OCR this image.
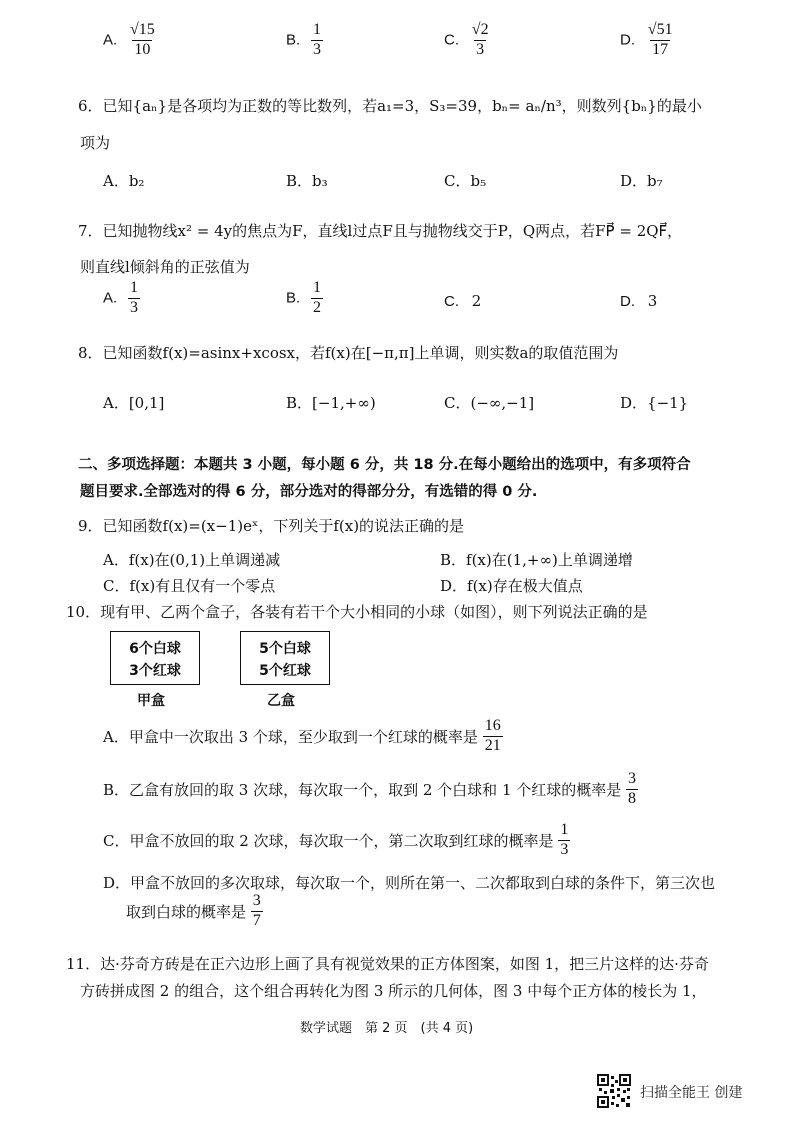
A. $\frac{√15}{10}$	B. $\frac{1}{3}$	C. $\frac{√2}{3}$	D. $\frac{√51}{17}$
6．已知{aₙ}是各项均为正数的等比数列，若a₁=3，S₃=39，bₙ= aₙ/n³，则数列{bₙ}的最小
项为
A．b₂	B．b₃	C．b₅	D．b₇
7．已知抛物线x² = 4y的焦点为F，直线l过点F且与抛物线交于P，Q两点，若FP⃗ = 2QF⃗，
则直线l倾斜角的正弦值为
A. $\frac{1}{3}$	B. $\frac{1}{2}$	C. 2	D. 3
8．已知函数f(x)=asinx+xcosx，若f(x)在[−π,π]上单调，则实数a的取值范围为
A．[0,1]	B．[−1,+∞)	C．(−∞,−1]	D．{−1}
二、多项选择题：本题共 3 小题，每小题 6 分，共 18 分.在每小题给出的选项中，有多项符合
题目要求.全部选对的得 6 分，部分选对的得部分分，有选错的得 0 分.
9．已知函数f(x)=(x−1)eˣ，下列关于f(x)的说法正确的是
A．f(x)在(0,1)上单调递减	B．f(x)在(1,+∞)上单调递增
C．f(x)有且仅有一个零点	D．f(x)存在极大值点
10．现有甲、乙两个盒子，各装有若干个大小相同的小球（如图），则下列说法正确的是
6个白球
3个红球
甲盒
5个白球
5个红球
乙盒
A．甲盒中一次取出 3 个球，至少取到一个红球的概率是 $\frac{16}{21}$
B．乙盒有放回的取 3 次球，每次取一个，取到 2 个白球和 1 个红球的概率是 $\frac{3}{8}$
C．甲盒不放回的取 2 次球，每次取一个，第二次取到红球的概率是 $\frac{1}{3}$
D．甲盒不放回的多次取球，每次取一个，则所在第一、二次都取到白球的条件下，第三次也
取到白球的概率是 $\frac{3}{7}$
11．达·芬奇方砖是在正六边形上画了具有视觉效果的正方体图案，如图 1，把三片这样的达·芬奇
方砖拼成图 2 的组合，这个组合再转化为图 3 所示的几何体，图 3 中每个正方体的棱长为 1，
数学试题　第 2 页　(共 4 页)
扫描全能王 创建
